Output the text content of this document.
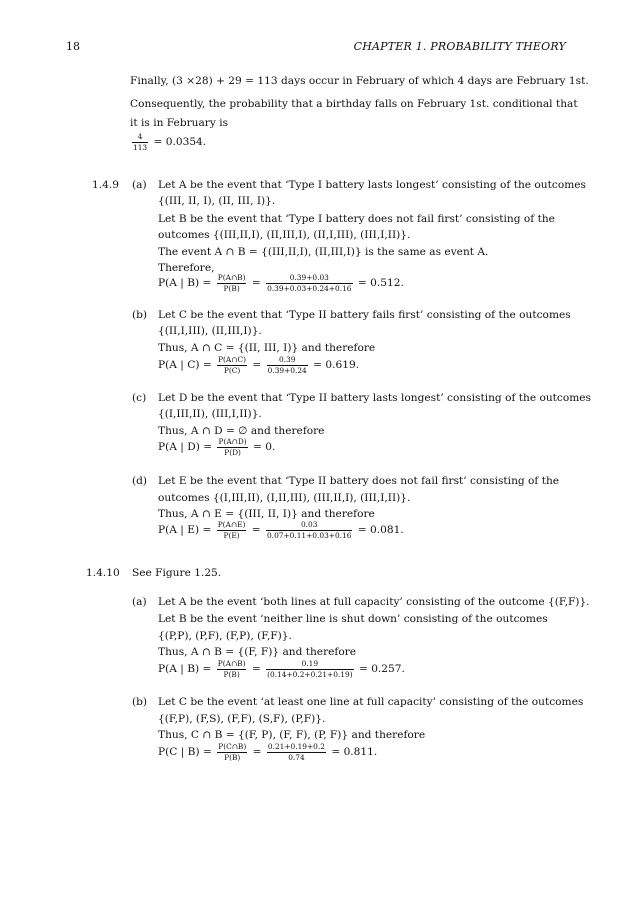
18	CHAPTER 1. PROBABILITY THEORY
Finally, (3 ×28) + 29 = 113 days occur in February of which 4 days are February 1st.
Consequently, the probability that a birthday falls on February 1st. conditional that
it is in February is
$\frac{4}{113} = 0.0354$.
1.4.9 (a) Let A be the event that ‘Type I battery lasts longest’ consisting of the outcomes
{(III, II, I), (II, III, I)}.
Let B be the event that ‘Type I battery does not fail first’ consisting of the
outcomes {(III,II,I), (II,III,I), (II,I,III), (III,I,II)}.
The event A ∩ B = {(III,II,I), (II,III,I)} is the same as event A.
Therefore,
P(A | $B) = \frac{P(A\cap B)}{P(B)} = \frac{0.39+0.03}{0.39+0.03+0.24+0.16} = 0.512$.
(b) Let C be the event that ‘Type II battery fails first’ consisting of the outcomes
{(II,I,III), (II,III,I)}.
Thus, A ∩ C = {(II, III, I)} and therefore
P(A | $C) = \frac{P(A\cap C)}{P(C)} = \frac{0.39}{0.39+0.24} = 0.619$.
(c) Let D be the event that ‘Type II battery lasts longest’ consisting of the outcomes
{(I,III,II), (III,I,II)}.
Thus, A ∩ D = ∅ and therefore
P(A | $D) = \frac{P(A\cap D)}{P(D)} = 0$.
(d) Let E be the event that ‘Type II battery does not fail first’ consisting of the
outcomes {(I,III,II), (I,II,III), (III,II,I), (III,I,II)}.
Thus, A ∩ E = {(III, II, I)} and therefore
P(A | $E) = \frac{P(A\cap E)}{P(E)} = \frac{0.03}{0.07+0.11+0.03+0.16} = 0.081$.
1.4.10 See Figure 1.25.
(a) Let A be the event ‘both lines at full capacity’ consisting of the outcome {(F,F)}.
Let B be the event ‘neither line is shut down’ consisting of the outcomes
{(P,P), (P,F), (F,P), (F,F)}.
Thus, A ∩ B = {(F, F)} and therefore
P(A | $B) = \frac{P(A\cap B)}{P(B)} = \frac{0.19}{(0.14+0.2+0.21+0.19)} = 0.257$.
(b) Let C be the event ‘at least one line at full capacity’ consisting of the outcomes
{(F,P), (F,S), (F,F), (S,F), (P,F)}.
Thus, C ∩ B = {(F, P), (F, F), (P, F)} and therefore
P(C | $B) = \frac{P(C\cap B)}{P(B)} = \frac{0.21+0.19+0.2}{0.74} = 0.811$.
